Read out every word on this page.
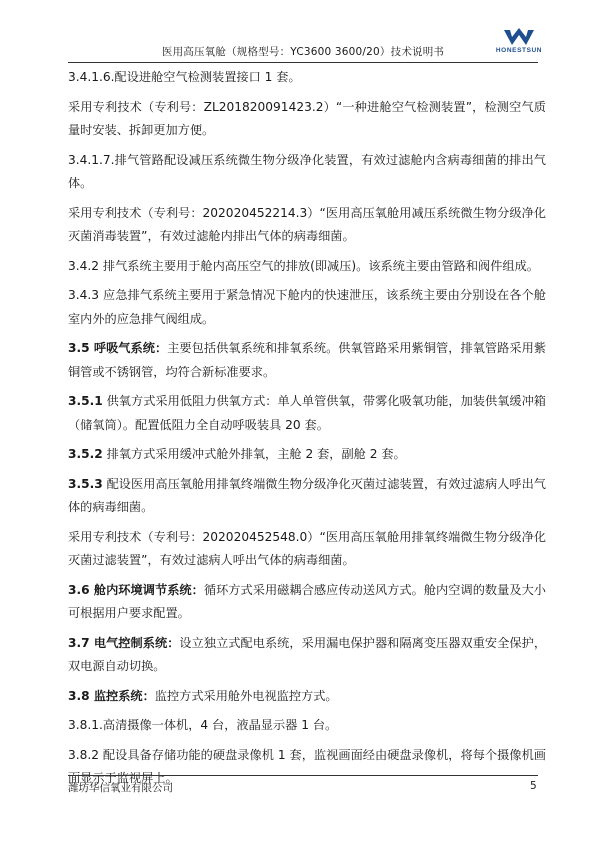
医用高压氧舱（规格型号：YC3600 3600/20）技术说明书	HONESTSUN

3.4.1.6.配设进舱空气检测装置接口 1 套。

采用专利技术（专利号：ZL201820091423.2）“一种进舱空气检测装置”，检测空气质量时安装、拆卸更加方便。

3.4.1.7.排气管路配设减压系统微生物分级净化装置，有效过滤舱内含病毒细菌的排出气体。

采用专利技术（专利号：202020452214.3）“医用高压氧舱用减压系统微生物分级净化灭菌消毒装置”，有效过滤舱内排出气体的病毒细菌。

3.4.2 排气系统主要用于舱内高压空气的排放(即减压)。该系统主要由管路和阀件组成。

3.4.3 应急排气系统主要用于紧急情况下舱内的快速泄压，该系统主要由分别设在各个舱室内外的应急排气阀组成。

3.5 呼吸气系统：主要包括供氧系统和排氧系统。供氧管路采用紫铜管，排氧管路采用紫铜管或不锈钢管，均符合新标准要求。

3.5.1 供氧方式采用低阻力供氧方式：单人单管供氧，带雾化吸氧功能，加装供氧缓冲箱（储氧筒）。配置低阻力全自动呼吸装具 20 套。

3.5.2 排氧方式采用缓冲式舱外排氧，主舱 2 套，副舱 2 套。

3.5.3 配设医用高压氧舱用排氧终端微生物分级净化灭菌过滤装置，有效过滤病人呼出气体的病毒细菌。

采用专利技术（专利号：202020452548.0）“医用高压氧舱用排氧终端微生物分级净化灭菌过滤装置”，有效过滤病人呼出气体的病毒细菌。

3.6 舱内环境调节系统：循环方式采用磁耦合感应传动送风方式。舱内空调的数量及大小可根据用户要求配置。

3.7 电气控制系统：设立独立式配电系统，采用漏电保护器和隔离变压器双重安全保护，双电源自动切换。

3.8 监控系统：监控方式采用舱外电视监控方式。

3.8.1.高清摄像一体机，4 台，液晶显示器 1 台。

3.8.2 配设具备存储功能的硬盘录像机 1 套，监视画面经由硬盘录像机，将每个摄像机画面显示于监视屏上。

潍坊华信氧业有限公司	5
